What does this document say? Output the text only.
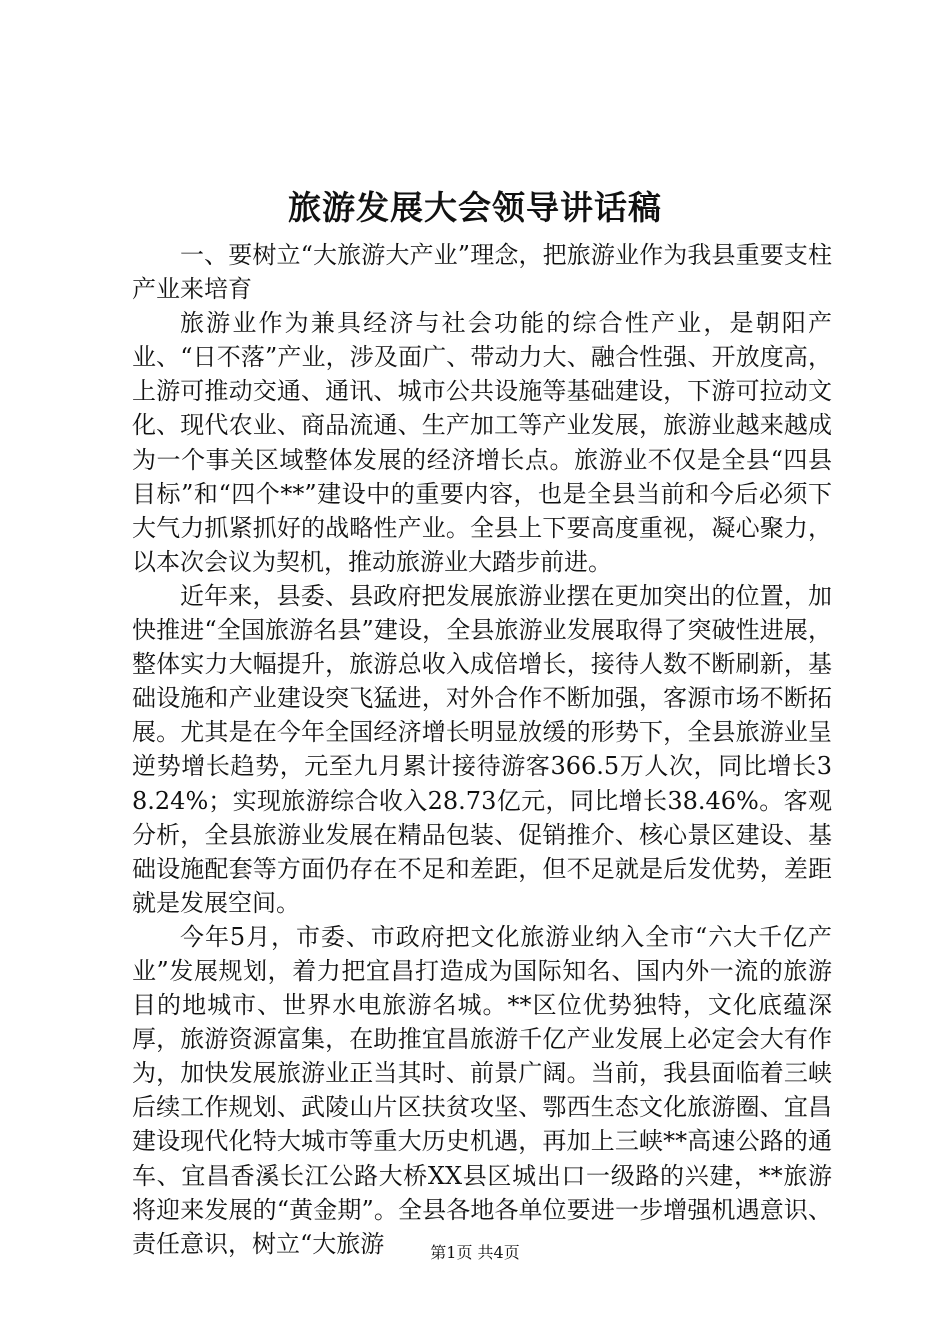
旅游发展大会领导讲话稿

一、要树立“大旅游大产业”理念，把旅游业作为我县重要支柱产业来培育

旅游业作为兼具经济与社会功能的综合性产业，是朝阳产业、“日不落”产业，涉及面广、带动力大、融合性强、开放度高，上游可推动交通、通讯、城市公共设施等基础建设，下游可拉动文化、现代农业、商品流通、生产加工等产业发展，旅游业越来越成为一个事关区域整体发展的经济增长点。旅游业不仅是全县“四县目标”和“四个**”建设中的重要内容，也是全县当前和今后必须下大气力抓紧抓好的战略性产业。全县上下要高度重视，凝心聚力，以本次会议为契机，推动旅游业大踏步前进。

近年来，县委、县政府把发展旅游业摆在更加突出的位置，加快推进“全国旅游名县”建设，全县旅游业发展取得了突破性进展，整体实力大幅提升，旅游总收入成倍增长，接待人数不断刷新，基础设施和产业建设突飞猛进，对外合作不断加强，客源市场不断拓展。尤其是在今年全国经济增长明显放缓的形势下，全县旅游业呈逆势增长趋势，元至九月累计接待游客366.5万人次，同比增长38.24%；实现旅游综合收入28.73亿元，同比增长38.46%。客观分析，全县旅游业发展在精品包装、促销推介、核心景区建设、基础设施配套等方面仍存在不足和差距，但不足就是后发优势，差距就是发展空间。

今年5月，市委、市政府把文化旅游业纳入全市“六大千亿产业”发展规划，着力把宜昌打造成为国际知名、国内外一流的旅游目的地城市、世界水电旅游名城。**区位优势独特，文化底蕴深厚，旅游资源富集，在助推宜昌旅游千亿产业发展上必定会大有作为，加快发展旅游业正当其时、前景广阔。当前，我县面临着三峡后续工作规划、武陵山片区扶贫攻坚、鄂西生态文化旅游圈、宜昌建设现代化特大城市等重大历史机遇，再加上三峡**高速公路的通车、宜昌香溪长江公路大桥XX县区城出口一级路的兴建，**旅游将迎来发展的“黄金期”。全县各地各单位要进一步增强机遇意识、责任意识，树立“大旅游	第1页 共4页
